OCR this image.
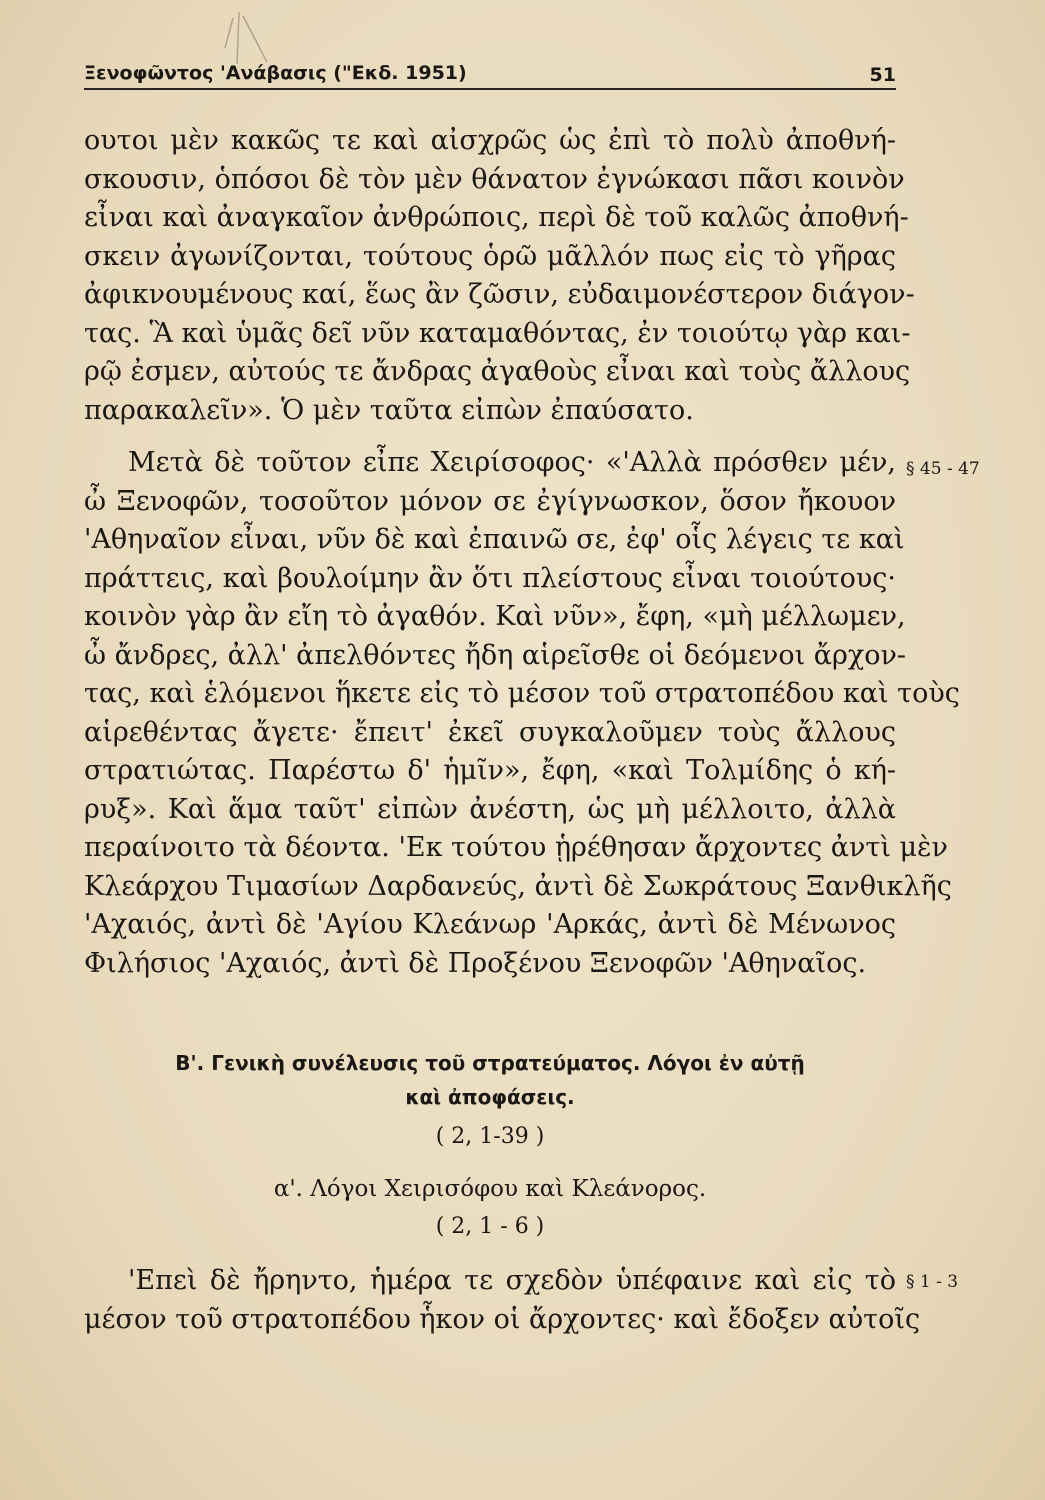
Ξενοφῶντος 'Ανάβασις ("Εκδ. 1951)	51
ουτοι μὲν κακῶς τε καὶ αἰσχρῶς ὡς ἐπὶ τὸ πολὺ ἀποθνή-
σκουσιν, ὁπόσοι δὲ τὸν μὲν θάνατον ἐγνώκασι πᾶσι κοινὸν
εἶναι καὶ ἀναγκαῖον ἀνθρώποις, περὶ δὲ τοῦ καλῶς ἀποθνή-
σκειν ἀγωνίζονται, τούτους ὁρῶ μᾶλλόν πως εἰς τὸ γῆρας
ἀφικνουμένους καί, ἕως ἂν ζῶσιν, εὐδαιμονέστερον διάγον-
τας. Ἃ καὶ ὑμᾶς δεῖ νῦν καταμαθόντας, ἐν τοιούτῳ γὰρ και-
ρῷ ἐσμεν, αὐτούς τε ἄνδρας ἀγαθοὺς εἶναι καὶ τοὺς ἄλλους
παρακαλεῖν». Ὁ μὲν ταῦτα εἰπὼν ἐπαύσατο.
Μετὰ δὲ τοῦτον εἶπε Χειρίσοφος· «'Αλλὰ πρόσθεν μέν,
ὦ Ξενοφῶν, τοσοῦτον μόνον σε ἐγίγνωσκον, ὅσον ἤκουον
'Αθηναῖον εἶναι, νῦν δὲ καὶ ἐπαινῶ σε, ἐφ' οἷς λέγεις τε καὶ
πράττεις, καὶ βουλοίμην ἂν ὅτι πλείστους εἶναι τοιούτους·
κοινὸν γὰρ ἂν εἴη τὸ ἀγαθόν. Καὶ νῦν», ἔφη, «μὴ μέλλωμεν,
ὦ ἄνδρες, ἀλλ' ἀπελθόντες ἤδη αἱρεῖσθε οἱ δεόμενοι ἄρχον-
τας, καὶ ἑλόμενοι ἥκετε εἰς τὸ μέσον τοῦ στρατοπέδου καὶ τοὺς
αἱρεθέντας ἄγετε· ἔπειτ' ἐκεῖ συγκαλοῦμεν τοὺς ἄλλους
στρατιώτας. Παρέστω δ' ἡμῖν», ἔφη, «καὶ Τολμίδης ὁ κή-
ρυξ». Καὶ ἅμα ταῦτ' εἰπὼν ἀνέστη, ὡς μὴ μέλλοιτο, ἀλλὰ
περαίνοιτο τὰ δέοντα. 'Εκ τούτου ᾑρέθησαν ἄρχοντες ἀντὶ μὲν
Κλεάρχου Τιμασίων Δαρδανεύς, ἀντὶ δὲ Σωκράτους Ξανθικλῆς
'Αχαιός, ἀντὶ δὲ 'Αγίου Κλεάνωρ 'Αρκάς, ἀντὶ δὲ Μένωνος
Φιλήσιος 'Αχαιός, ἀντὶ δὲ Προξένου Ξενοφῶν 'Αθηναῖος.
§ 45 - 47
Β'. Γενικὴ συνέλευσις τοῦ στρατεύματος. Λόγοι ἐν αὐτῇ
καὶ ἀποφάσεις.
( 2, 1-39 )
α'. Λόγοι Χειρισόφου καὶ Κλεάνορος.
( 2, 1 - 6 )
'Επεὶ δὲ ἤρηντο, ἡμέρα τε σχεδὸν ὑπέφαινε καὶ εἰς τὸ
μέσον τοῦ στρατοπέδου ἧκον οἱ ἄρχοντες· καὶ ἔδοξεν αὐτοῖς
§ 1 - 3
